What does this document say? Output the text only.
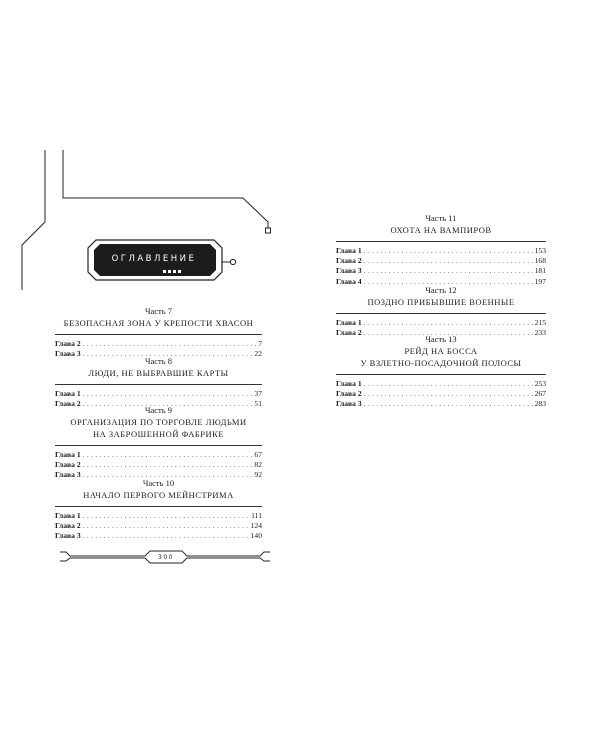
ОГЛАВЛЕНИЕ
300
Часть 7
БЕЗОПАСНАЯ ЗОНА У КРЕПОСТИ ХВАСОН
Глава 2 . . .	7
Глава 3 . . .	22
Часть 8
ЛЮДИ, НЕ ВЫБРАВШИЕ КАРТЫ
Глава 1 . . .	37
Глава 2 . . .	51
Часть 9
ОРГАНИЗАЦИЯ ПО ТОРГОВЛЕ ЛЮДЬМИ
НА ЗАБРОШЕННОЙ ФАБРИКЕ
Глава 1 . . .	67
Глава 2 . . .	82
Глава 3 . . .	92
Часть 10
НАЧАЛО ПЕРВОГО МЕЙНСТРИМА
Глава 1 . . .	111
Глава 2 . . .	124
Глава 3 . . .	140
Часть 11
ОХОТА НА ВАМПИРОВ
Глава 1 . . .	153
Глава 2 . . .	168
Глава 3 . . .	181
Глава 4 . . .	197
Часть 12
ПОЗДНО ПРИБЫВШИЕ ВОЕННЫЕ
Глава 1 . . .	215
Глава 2 . . .	233
Часть 13
РЕЙД НА БОССА
У ВЗЛЕТНО-ПОСАДОЧНОЙ ПОЛОСЫ
Глава 1 . . .	253
Глава 2 . . .	267
Глава 3 . . .	283
